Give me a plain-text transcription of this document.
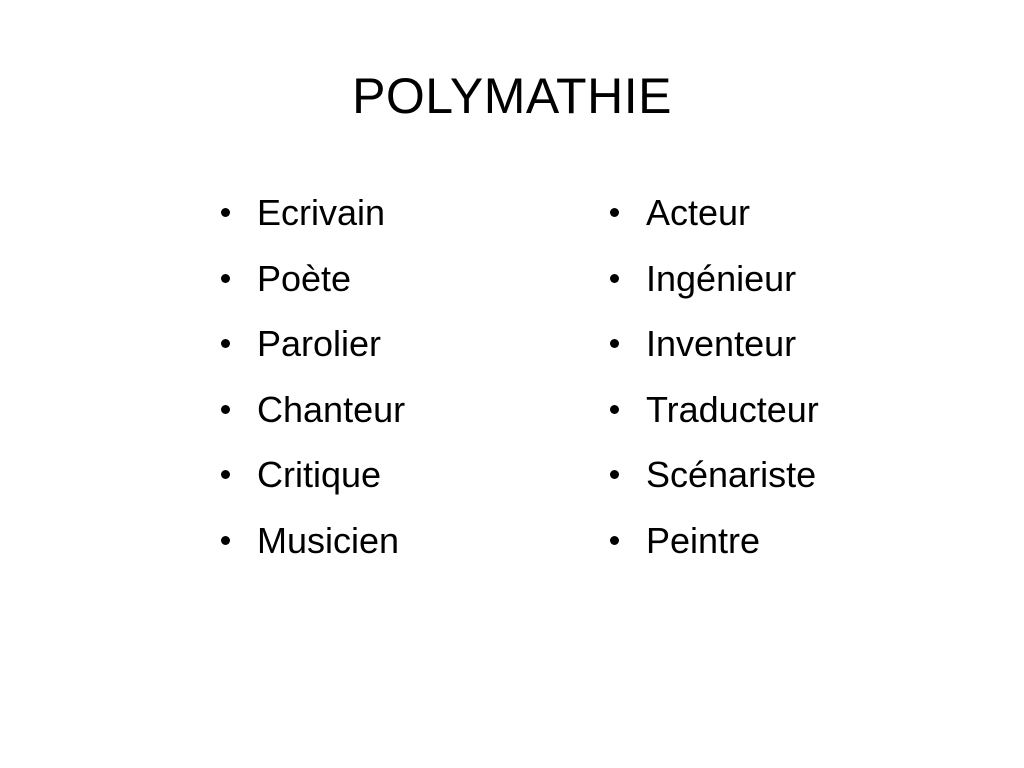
POLYMATHIE
Ecrivain
Poète
Parolier
Chanteur
Critique
Musicien
Acteur
Ingénieur
Inventeur
Traducteur
Scénariste
Peintre
